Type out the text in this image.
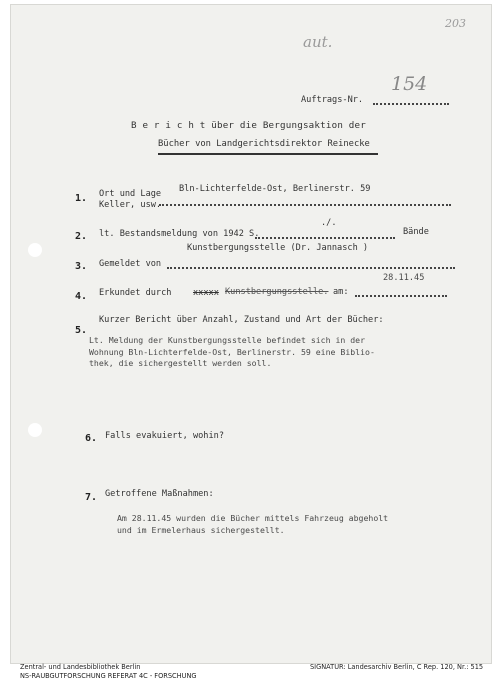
203
aut.
154
Auftrags-Nr.
B e r i c h t über die Bergungsaktion der
Bücher von Landgerichtsdirektor Reinecke
1. Ort und Lage
Keller, usw.
Bln-Lichterfelde-Ost, Berlinerstr. 59
2. lt. Bestandsmeldung von 1942 S.
./.
Bände
3. Gemeldet von
Kunstbergungsstelle (Dr. Jannasch )
28.11.45
4. Erkundet durch	xxxxx Kunstbergungsstelle. am:
5.
Kurzer Bericht über Anzahl, Zustand und Art der Bücher:
Lt. Meldung der Kunstbergungsstelle befindet sich in der
Wohnung Bln-Lichterfelde-Ost, Berlinerstr. 59 eine Biblio-
thek, die sichergestellt werden soll.
6. Falls evakuiert, wohin?
7. Getroffene Maßnahmen:
Am 28.11.45 wurden die Bücher mittels Fahrzeug abgeholt
und im Ermelerhaus sichergestellt.
Zentral- und Landesbibliothek Berlin
NS-RAUBGUTFORSCHUNG REFERAT 4C - FORSCHUNG
SIGNATUR: Landesarchiv Berlin, C Rep. 120, Nr.: 515
